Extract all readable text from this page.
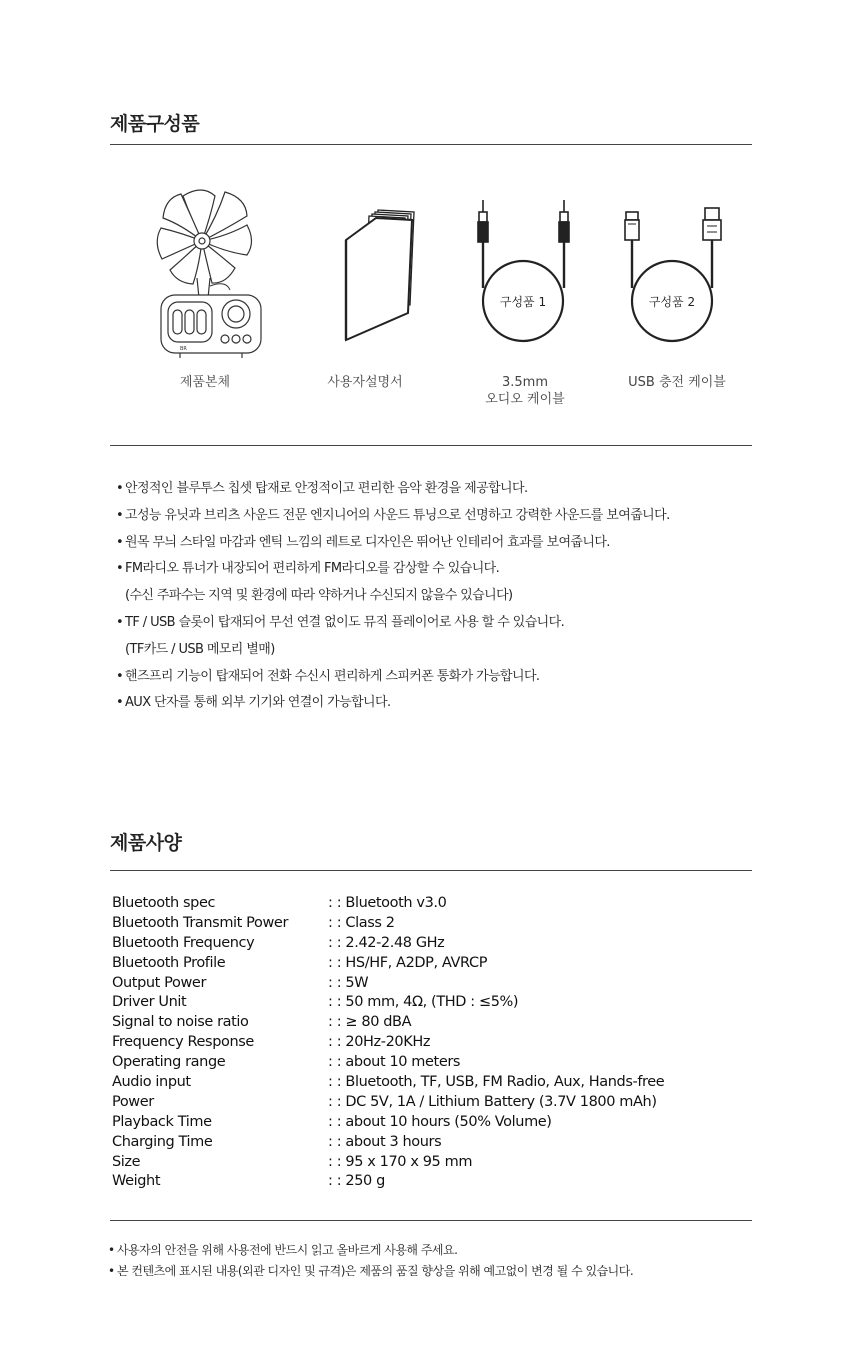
제품구성품
BR
제품본체	사용자설명서
구성품 1
3.5mm
오디오 케이블
구성품 2
USB 충전 케이블
• 안정적인 블루투스 칩셋 탑재로 안정적이고 편리한 음악 환경을 제공합니다.
• 고성능 유닛과 브리츠 사운드 전문 엔지니어의 사운드 튜닝으로 선명하고 강력한 사운드를 보여줍니다.
• 원목 무늬 스타일 마감과 엔틱 느낌의 레트로 디자인은 뛰어난 인테리어 효과를 보여줍니다.
• FM라디오 튜너가 내장되어 편리하게 FM라디오를 감상할 수 있습니다.
(수신 주파수는 지역 및 환경에 따라 약하거나 수신되지 않을수 있습니다)
• TF / USB 슬롯이 탑재되어 무선 연결 없이도 뮤직 플레이어로 사용 할 수 있습니다.
(TF카드 / USB 메모리 별매)
• 핸즈프리 기능이 탑재되어 전화 수신시 편리하게 스피커폰 통화가 가능합니다.
• AUX 단자를 통해 외부 기기와 연결이 가능합니다.
제품사양
Bluetooth spec	: : Bluetooth v3.0
Bluetooth Transmit Power	: : Class 2
Bluetooth Frequency	: : 2.42-2.48 GHz
Bluetooth Profile	: : HS/HF, A2DP, AVRCP
Output Power	: : 5W
Driver Unit	: : 50 mm, 4Ω, (THD : ≤5%)
Signal to noise ratio	: : ≥ 80 dBA
Frequency Response	: : 20Hz-20KHz
Operating range	: : about 10 meters
Audio input	: : Bluetooth, TF, USB, FM Radio, Aux, Hands-free
Power	: : DC 5V, 1A / Lithium Battery (3.7V 1800 mAh)
Playback Time	: : about 10 hours (50% Volume)
Charging Time	: : about 3 hours
Size	: : 95 x 170 x 95 mm
Weight	: : 250 g
• 사용자의 안전을 위해 사용전에 반드시 읽고 올바르게 사용해 주세요.
• 본 컨텐츠에 표시된 내용(외관 디자인 및 규격)은 제품의 품질 향상을 위해 예고없이 변경 될 수 있습니다.
